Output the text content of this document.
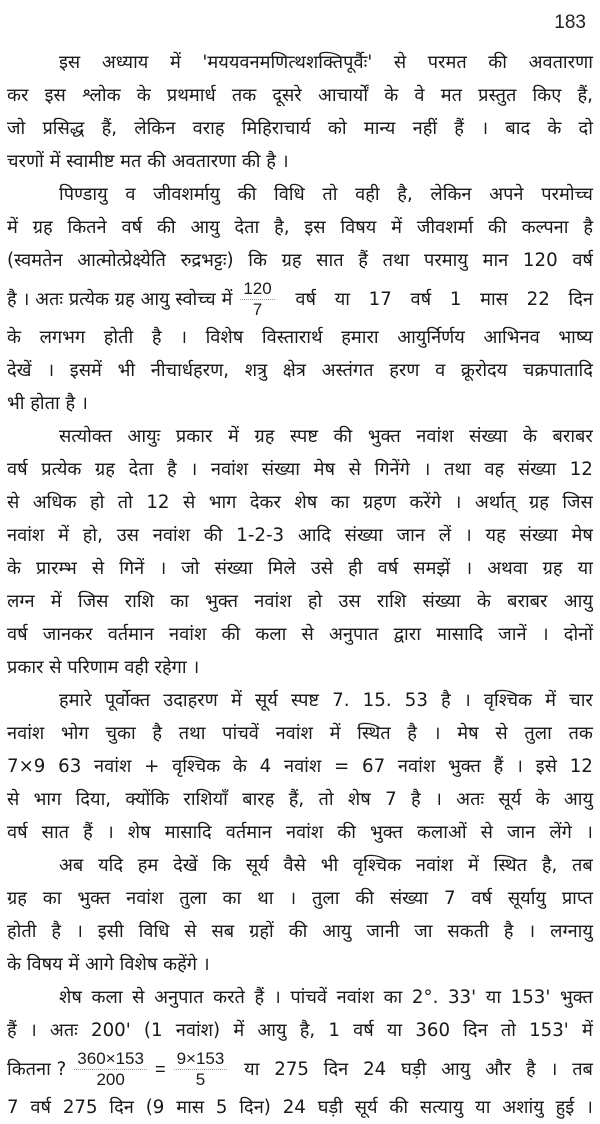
183
इस अध्याय में 'मययवनमणित्थशक्तिपूर्वैः' से परमत की अवतारणा
कर इस श्लोक के प्रथमार्ध तक दूसरे आचार्यों के वे मत प्रस्तुत किए हैं,
जो प्रसिद्ध हैं, लेकिन वराह मिहिराचार्य को मान्य नहीं हैं । बाद के दो
चरणों में स्वामीष्ट मत की अवतारणा की है ।
पिण्डायु व जीवशर्मायु की विधि तो वही है, लेकिन अपने परमोच्च
में ग्रह कितने वर्ष की आयु देता है, इस विषय में जीवशर्मा की कल्पना है
(स्वमतेन आत्मोत्प्रेक्ष्येति रुद्रभट्टः) कि ग्रह सात हैं तथा परमायु मान 120 वर्ष
है । अतः प्रत्येक ग्रह आयु स्वोच्च में $\frac{120}{7}$ वर्ष या 17 वर्ष 1 मास 22 दिन
के लगभग होती है । विशेष विस्तारार्थ हमारा आयुर्निर्णय आभिनव भाष्य
देखें । इसमें भी नीचार्धहरण, शत्रु क्षेत्र अस्तंगत हरण व क्रूरोदय चक्रपातादि
भी होता है ।
सत्योक्त आयुः प्रकार में ग्रह स्पष्ट की भुक्त नवांश संख्या के बराबर
वर्ष प्रत्येक ग्रह देता है । नवांश संख्या मेष से गिनेंगे । तथा वह संख्या 12
से अधिक हो तो 12 से भाग देकर शेष का ग्रहण करेंगे । अर्थात् ग्रह जिस
नवांश में हो, उस नवांश की 1-2-3 आदि संख्या जान लें । यह संख्या मेष
के प्रारम्भ से गिनें । जो संख्या मिले उसे ही वर्ष समझें । अथवा ग्रह या
लग्न में जिस राशि का भुक्त नवांश हो उस राशि संख्या के बराबर आयु
वर्ष जानकर वर्तमान नवांश की कला से अनुपात द्वारा मासादि जानें । दोनों
प्रकार से परिणाम वही रहेगा ।
हमारे पूर्वोक्त उदाहरण में सूर्य स्पष्ट 7. 15. 53 है । वृश्चिक में चार
नवांश भोग चुका है तथा पांचवें नवांश में स्थित है । मेष से तुला तक
7×9 63 नवांश + वृश्चिक के 4 नवांश = 67 नवांश भुक्त हैं । इसे 12
से भाग दिया, क्योंकि राशियाँ बारह हैं, तो शेष 7 है । अतः सूर्य के आयु
वर्ष सात हैं । शेष मासादि वर्तमान नवांश की भुक्त कलाओं से जान लेंगे ।
अब यदि हम देखें कि सूर्य वैसे भी वृश्चिक नवांश में स्थित है, तब
ग्रह का भुक्त नवांश तुला का था । तुला की संख्या 7 वर्ष सूर्यायु प्राप्त
होती है । इसी विधि से सब ग्रहों की आयु जानी जा सकती है । लग्नायु
के विषय में आगे विशेष कहेंगे ।
शेष कला से अनुपात करते हैं । पांचवें नवांश का 2°. 33' या 153' भुक्त
हैं । अतः 200' (1 नवांश) में आयु है, 1 वर्ष या 360 दिन तो 153' में
कितना ? $\frac{360\times 153}{200} = \frac{9\times 153}{5}$ या 275 दिन 24 घड़ी आयु और है । तब
7 वर्ष 275 दिन (9 मास 5 दिन) 24 घड़ी सूर्य की सत्यायु या अशांयु हुई ।
